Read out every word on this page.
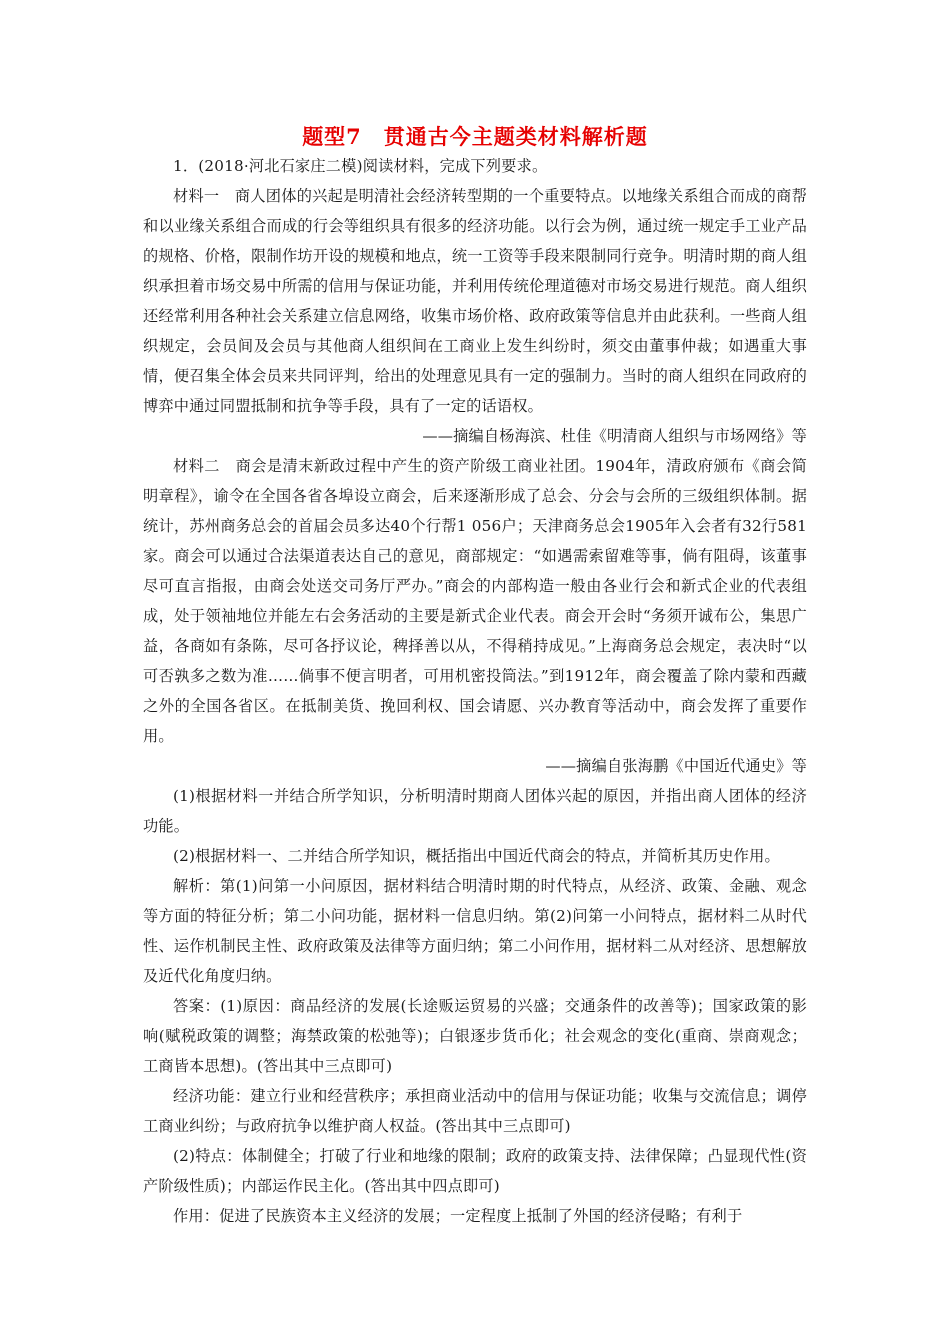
题型7　贯通古今主题类材料解析题

1．(2018·河北石家庄二模)阅读材料，完成下列要求。

材料一　商人团体的兴起是明清社会经济转型期的一个重要特点。以地缘关系组合而成的商帮和以业缘关系组合而成的行会等组织具有很多的经济功能。以行会为例，通过统一规定手工业产品的规格、价格，限制作坊开设的规模和地点，统一工资等手段来限制同行竞争。明清时期的商人组织承担着市场交易中所需的信用与保证功能，并利用传统伦理道德对市场交易进行规范。商人组织还经常利用各种社会关系建立信息网络，收集市场价格、政府政策等信息并由此获利。一些商人组织规定，会员间及会员与其他商人组织间在工商业上发生纠纷时，须交由董事仲裁；如遇重大事情，便召集全体会员来共同评判，给出的处理意见具有一定的强制力。当时的商人组织在同政府的博弈中通过同盟抵制和抗争等手段，具有了一定的话语权。

——摘编自杨海滨、杜佳《明清商人组织与市场网络》等

材料二　商会是清末新政过程中产生的资产阶级工商业社团。1904年，清政府颁布《商会简明章程》，谕令在全国各省各埠设立商会，后来逐渐形成了总会、分会与会所的三级组织体制。据统计，苏州商务总会的首届会员多达40个行帮1 056户；天津商务总会1905年入会者有32行581家。商会可以通过合法渠道表达自己的意见，商部规定：“如遇需索留难等事，倘有阻碍，该董事尽可直言指报，由商会处送交司务厅严办。”商会的内部构造一般由各业行会和新式企业的代表组成，处于领袖地位并能左右会务活动的主要是新式企业代表。商会开会时“务须开诚布公，集思广益，各商如有条陈，尽可各抒议论，稗择善以从，不得稍持成见。”上海商务总会规定，表决时“以可否孰多之数为准……倘事不便言明者，可用机密投筒法。”到1912年，商会覆盖了除内蒙和西藏之外的全国各省区。在抵制美货、挽回利权、国会请愿、兴办教育等活动中，商会发挥了重要作用。

——摘编自张海鹏《中国近代通史》等

(1)根据材料一并结合所学知识，分析明清时期商人团体兴起的原因，并指出商人团体的经济功能。

(2)根据材料一、二并结合所学知识，概括指出中国近代商会的特点，并简析其历史作用。

解析：第(1)问第一小问原因，据材料结合明清时期的时代特点，从经济、政策、金融、观念等方面的特征分析；第二小问功能，据材料一信息归纳。第(2)问第一小问特点，据材料二从时代性、运作机制民主性、政府政策及法律等方面归纳；第二小问作用，据材料二从对经济、思想解放及近代化角度归纳。

答案：(1)原因：商品经济的发展(长途贩运贸易的兴盛；交通条件的改善等)；国家政策的影响(赋税政策的调整；海禁政策的松弛等)；白银逐步货币化；社会观念的变化(重商、崇商观念；工商皆本思想)。(答出其中三点即可)

经济功能：建立行业和经营秩序；承担商业活动中的信用与保证功能；收集与交流信息；调停工商业纠纷；与政府抗争以维护商人权益。(答出其中三点即可)

(2)特点：体制健全；打破了行业和地缘的限制；政府的政策支持、法律保障；凸显现代性(资产阶级性质)；内部运作民主化。(答出其中四点即可)

作用：促进了民族资本主义经济的发展；一定程度上抵制了外国的经济侵略；有利于
